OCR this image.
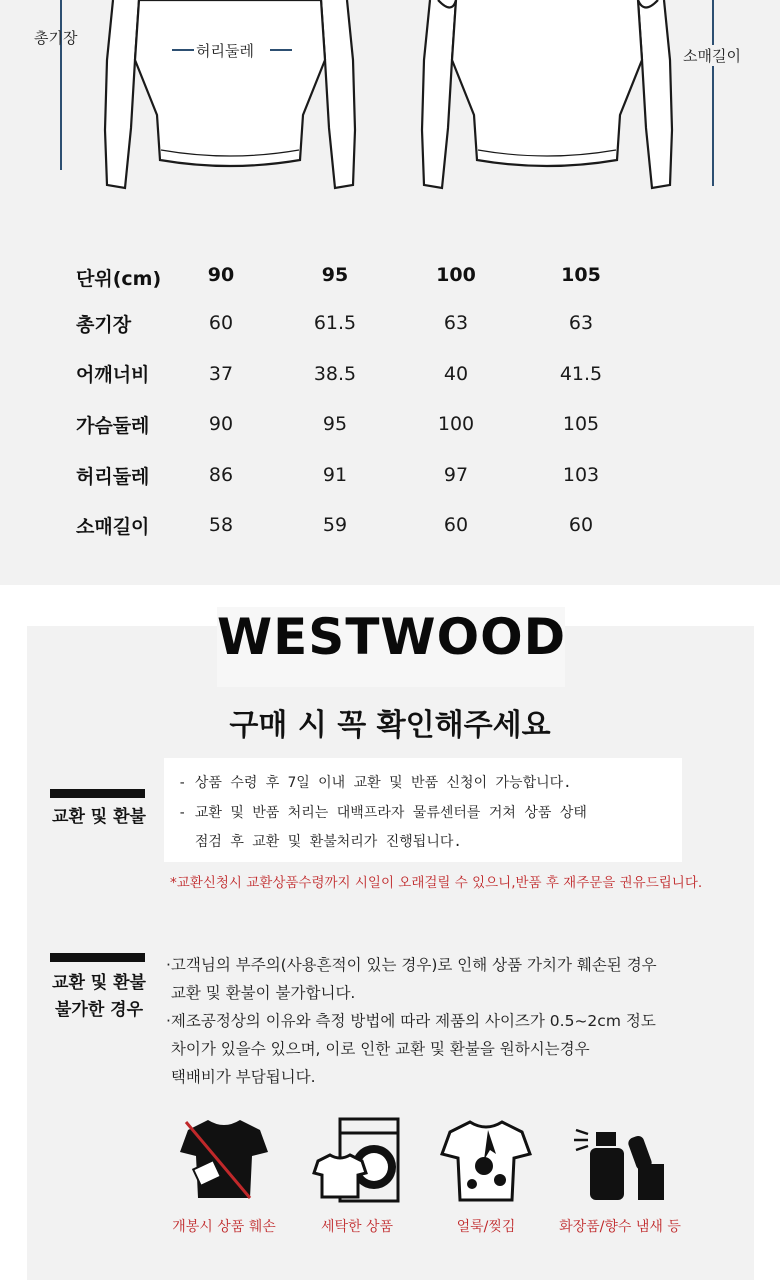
총기장
허리둘레	소매길이
단위(cm)	90	95	100	105
총기장	60	61.5	63	63
어깨너비	37	38.5	40	41.5
가슴둘레	90	95	100	105
허리둘레	86	91	97	103
소매길이	58	59	60	60
WESTWOOD
구매 시 꼭 확인해주세요
교환 및 환불
- 상품 수령 후 7일 이내 교환 및 반품 신청이 가능합니다.
- 교환 및 반품 처리는 대백프라자 물류센터를 거쳐 상품 상태
점검 후 교환 및 환불처리가 진행됩니다.
*교환신청시 교환상품수령까지 시일이 오래걸릴 수 있으니,반품 후 재주문을 권유드립니다.
교환 및 환불
불가한 경우
·고객님의 부주의(사용흔적이 있는 경우)로 인해 상품 가치가 훼손된 경우
교환 및 환불이 불가합니다.
·제조공정상의 이유와 측정 방법에 따라 제품의 사이즈가 0.5~2cm 정도
차이가 있을수 있으며, 이로 인한 교환 및 환불을 원하시는경우
택배비가 부담됩니다.
개봉시 상품 훼손	세탁한 상품	얼룩/찢김	화장품/향수 냄새 등
